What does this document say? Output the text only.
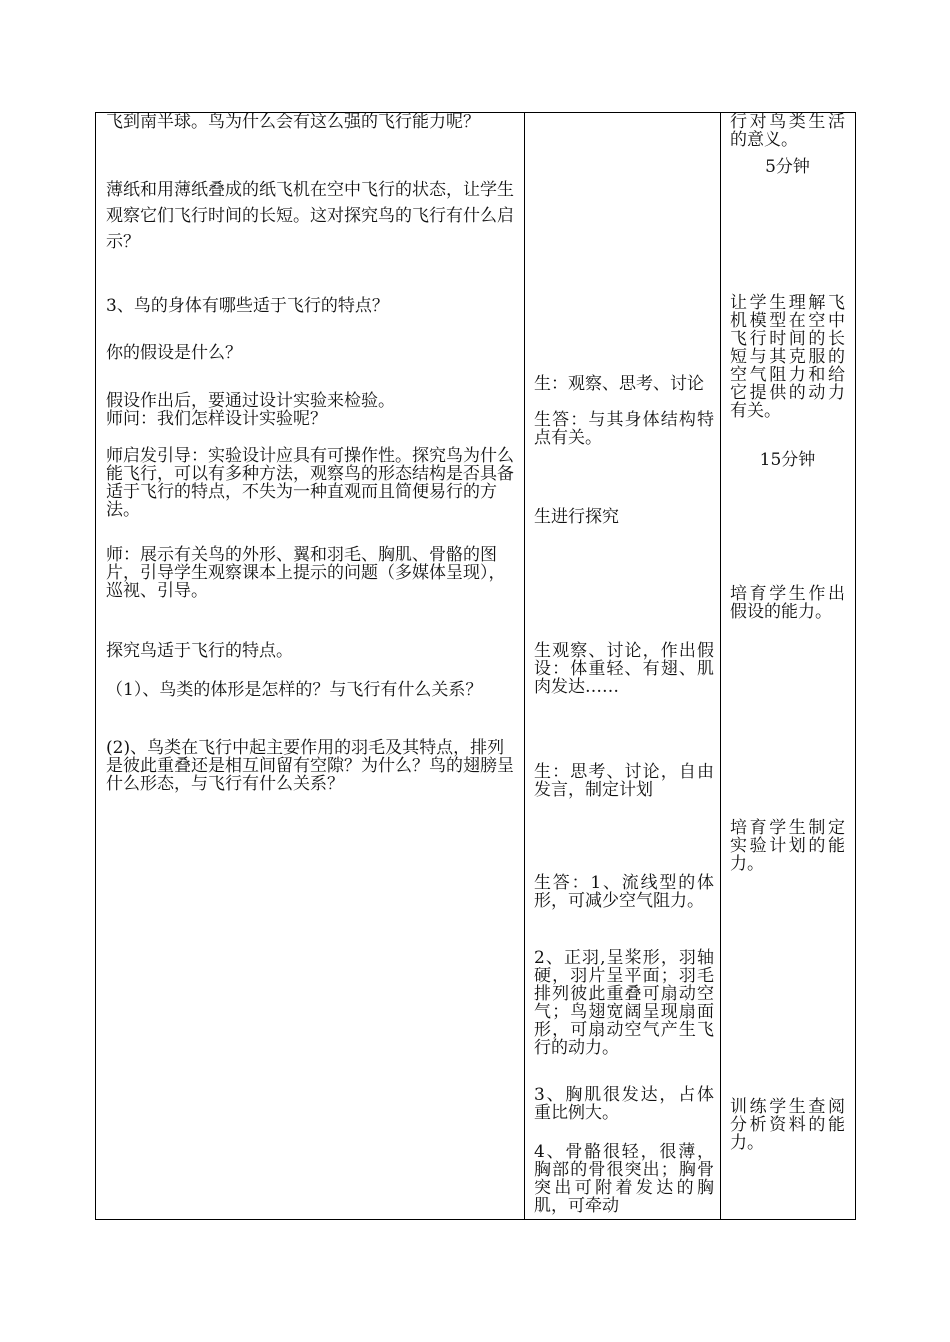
飞到南半球。鸟为什么会有这么强的飞行能力呢？

薄纸和用薄纸叠成的纸飞机在空中飞行的状态，让学生观察它们飞行时间的长短。这对探究鸟的飞行有什么启示？

3、鸟的身体有哪些适于飞行的特点？

你的假设是什么？

假设作出后，要通过设计实验来检验。

师问：我们怎样设计实验呢？

师启发引导：实验设计应具有可操作性。探究鸟为什么能飞行，可以有多种方法，观察鸟的形态结构是否具备适于飞行的特点，不失为一种直观而且简便易行的方法。

师：展示有关鸟的外形、翼和羽毛、胸肌、骨骼的图片，引导学生观察课本上提示的问题（多媒体呈现），巡视、引导。

探究鸟适于飞行的特点。

（1）、鸟类的体形是怎样的？与飞行有什么关系？

(2)、鸟类在飞行中起主要作用的羽毛及其特点，排列是彼此重叠还是相互间留有空隙？为什么？鸟的翅膀呈什么形态，与飞行有什么关系？

生：观察、思考、讨论

生答：与其身体结构特点有关。

生进行探究

生观察、讨论，作出假设：体重轻、有翅、肌肉发达……

生：思考、讨论，自由发言，制定计划

生答：1、流线型的体形，可减少空气阻力。

2、正羽,呈桨形，羽轴硬，羽片呈平面；羽毛排列彼此重叠可扇动空气；鸟翅宽阔呈现扇面形，可扇动空气产生飞行的动力。

3、胸肌很发达，占体重比例大。

4、骨骼很轻，很薄，胸部的骨很突出；胸骨突出可附着发达的胸肌，可牵动

行对鸟类生活的意义。

5分钟

让学生理解飞机模型在空中飞行时间的长短与其克服的空气阻力和给它提供的动力有关。

15分钟

培育学生作出假设的能力。

培育学生制定实验计划的能力。

训练学生查阅分析资料的能力。
